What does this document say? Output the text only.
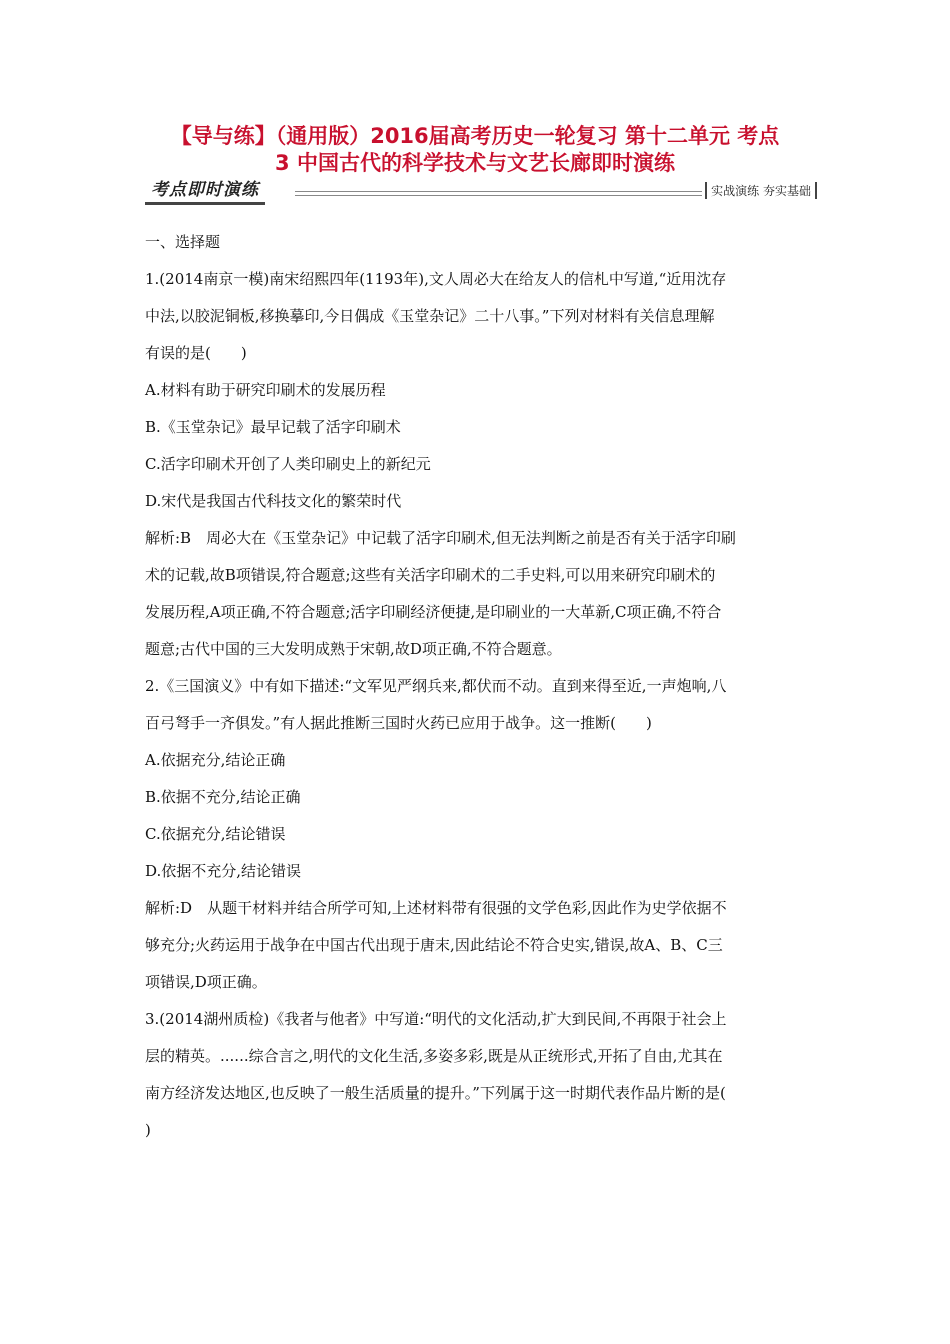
【导与练】（通用版）2016届高考历史一轮复习 第十二单元 考点
3 中国古代的科学技术与文艺长廊即时演练
考点即时演练	实战演练 夯实基础
一、选择题
1.(2014南京一模)南宋绍熙四年(1193年),文人周必大在给友人的信札中写道,“近用沈存
中法,以胶泥铜板,移换摹印,今日偶成《玉堂杂记》二十八事。”下列对材料有关信息理解
有误的是(　　)
A.材料有助于研究印刷术的发展历程
B.《玉堂杂记》最早记载了活字印刷术
C.活字印刷术开创了人类印刷史上的新纪元
D.宋代是我国古代科技文化的繁荣时代
解析:B　周必大在《玉堂杂记》中记载了活字印刷术,但无法判断之前是否有关于活字印刷
术的记载,故B项错误,符合题意;这些有关活字印刷术的二手史料,可以用来研究印刷术的
发展历程,A项正确,不符合题意;活字印刷经济便捷,是印刷业的一大革新,C项正确,不符合
题意;古代中国的三大发明成熟于宋朝,故D项正确,不符合题意。
2.《三国演义》中有如下描述:“文军见严纲兵来,都伏而不动。直到来得至近,一声炮响,八
百弓弩手一齐俱发。”有人据此推断三国时火药已应用于战争。这一推断(　　)
A.依据充分,结论正确
B.依据不充分,结论正确
C.依据充分,结论错误
D.依据不充分,结论错误
解析:D　从题干材料并结合所学可知,上述材料带有很强的文学色彩,因此作为史学依据不
够充分;火药运用于战争在中国古代出现于唐末,因此结论不符合史实,错误,故A、B、C三
项错误,D项正确。
3.(2014湖州质检)《我者与他者》中写道:“明代的文化活动,扩大到民间,不再限于社会上
层的精英。......综合言之,明代的文化生活,多姿多彩,既是从正统形式,开拓了自由,尤其在
南方经济发达地区,也反映了一般生活质量的提升。”下列属于这一时期代表作品片断的是(
)
